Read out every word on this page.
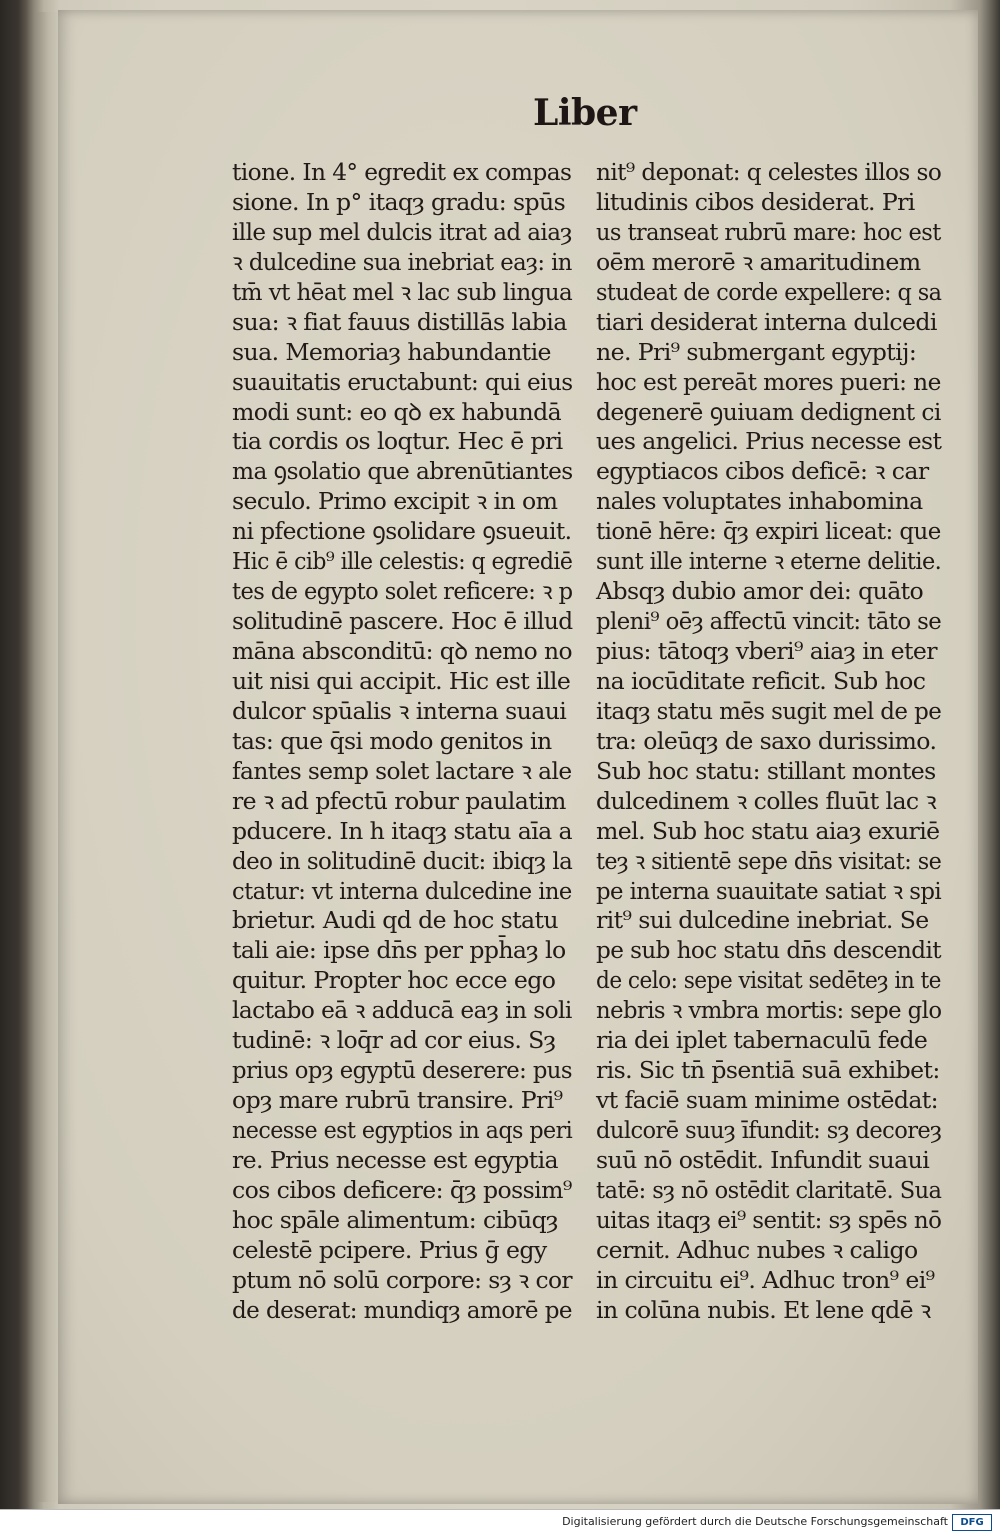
Liber
tione. In 4° egredit ex compas
sione. In p° itaqȝ gradu: spūs
ille sup mel dulcis itrat ad aiaȝ
ꝛ dulcedine sua inebriat eaȝ: in
tm̄ vt hēat mel ꝛ lac sub lingua
sua: ꝛ fiat fauus distillās labia
sua. Memoriaȝ habundantie
suauitatis eructabunt: qui eius
modi sunt: eo qꝺ ex habundā
tia cordis os loqtur. Hec ē pri
ma ꝯsolatio que abrenūtiantes
seculo. Primo excipit ꝛ in om
ni pfectione ꝯsolidare ꝯsueuit.
Hic ē cib⁹ ille celestis: q egrediē
tes de egypto solet reficere: ꝛ p
solitudinē pascere. Hoc ē illud
māna absconditū: qꝺ nemo no
uit nisi qui accipit. Hic est ille
dulcor spūalis ꝛ interna suaui
tas: que q̄si modo genitos in
fantes semp solet lactare ꝛ ale
re ꝛ ad pfectū robur paulatim
pducere. In h itaqȝ statu aīa a
deo in solitudinē ducit: ibiqȝ la
ctatur: vt interna dulcedine ine
brietur. Audi qd de hoc statu
tali aie: ipse dn̄s per pph̄aȝ lo
quitur. Propter hoc ecce ego
lactabo eā ꝛ adducā eaȝ in soli
tudinē: ꝛ loq̄r ad cor eius. Sȝ
prius opȝ egyptū deserere: pus
opȝ mare rubrū transire. Pri⁹
necesse est egyptios in aqs peri
re. Prius necesse est egyptia
cos cibos deficere: q̄ȝ possim⁹
hoc spāle alimentum: cibūqȝ
celestē pcipere. Prius ḡ egy
ptum nō solū corpore: sȝ ꝛ cor
de deserat: mundiqȝ amorē pe
nit⁹ deponat: q celestes illos so
litudinis cibos desiderat. Pri
us transeat rubrū mare: hoc est
oēm merorē ꝛ amaritudinem
studeat de corde expellere: q sa
tiari desiderat interna dulcedi
ne. Pri⁹ submergant egyptij:
hoc est pereāt mores pueri: ne
degenerē ꝯuiuam dedignent ci
ues angelici. Prius necesse est
egyptiacos cibos deficē: ꝛ car
nales voluptates inhabomina
tionē hēre: q̄ȝ expiri liceat: que
sunt ille interne ꝛ eterne delitie.
Absqȝ dubio amor dei: quāto
pleni⁹ oēȝ affectū vincit: tāto se
pius: tātoqȝ vberi⁹ aiaȝ in eter
na iocūditate reficit. Sub hoc
itaqȝ statu mēs sugit mel de pe
tra: oleūqȝ de saxo durissimo.
Sub hoc statu: stillant montes
dulcedinem ꝛ colles fluūt lac ꝛ
mel. Sub hoc statu aiaȝ exuriē
teȝ ꝛ sitientē sepe dn̄s visitat: se
pe interna suauitate satiat ꝛ spi
rit⁹ sui dulcedine inebriat. Se
pe sub hoc statu dn̄s descendit
de celo: sepe visitat sedēteȝ in te
nebris ꝛ vmbra mortis: sepe glo
ria dei iplet tabernaculū fede
ris. Sic tn̄ p̄sentiā suā exhibet:
vt faciē suam minime ostēdat:
dulcorē suuȝ īfundit: sȝ decoreȝ
suū nō ostēdit. Infundit suaui
tatē: sȝ nō ostēdit claritatē. Sua
uitas itaqȝ ei⁹ sentit: sȝ spēs nō
cernit. Adhuc nubes ꝛ caligo
in circuitu ei⁹. Adhuc tron⁹ ei⁹
in colūna nubis. Et lene qdē ꝛ
Digitalisierung gefördert durch die Deutsche Forschungsgemeinschaft	DFG
